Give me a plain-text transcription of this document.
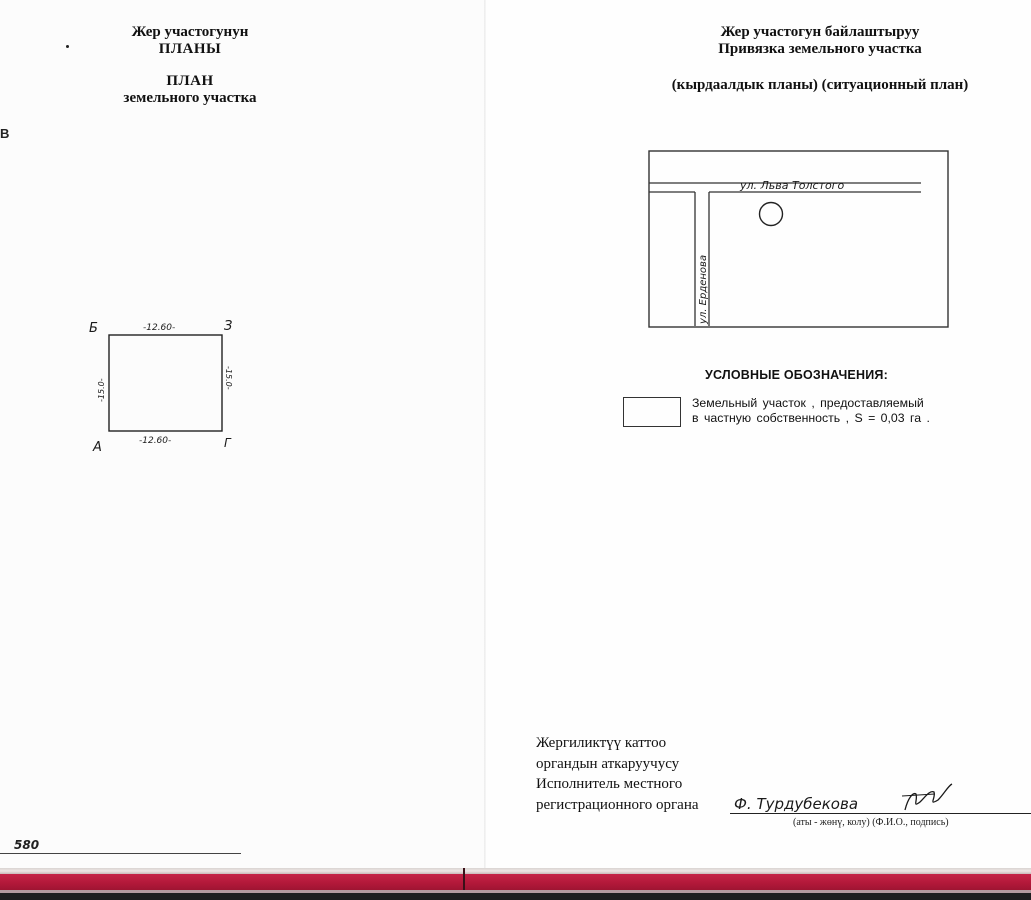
Жер участогунун
ПЛАНЫ
ПЛАН
земельного участка
В
Б	З
А	Г
-12.60-
-12.60-
-15.0-
-15.0-
580
Жер участогун байлаштыруу
Привязка земельного участка
(кырдаалдык планы) (ситуационный план)
ул. Льва Толстого
ул. Ерденова
УСЛОВНЫЕ ОБОЗНАЧЕНИЯ:
Земельный участок , предоставляемый
в частную собственность , S = 0,03 га .
Жергиликтүү каттоо
органдын аткаруучусу
Исполнитель местного
регистрационного органа Ф. Турдубекова
(аты - жөнү, колу) (Ф.И.О., подпись)
